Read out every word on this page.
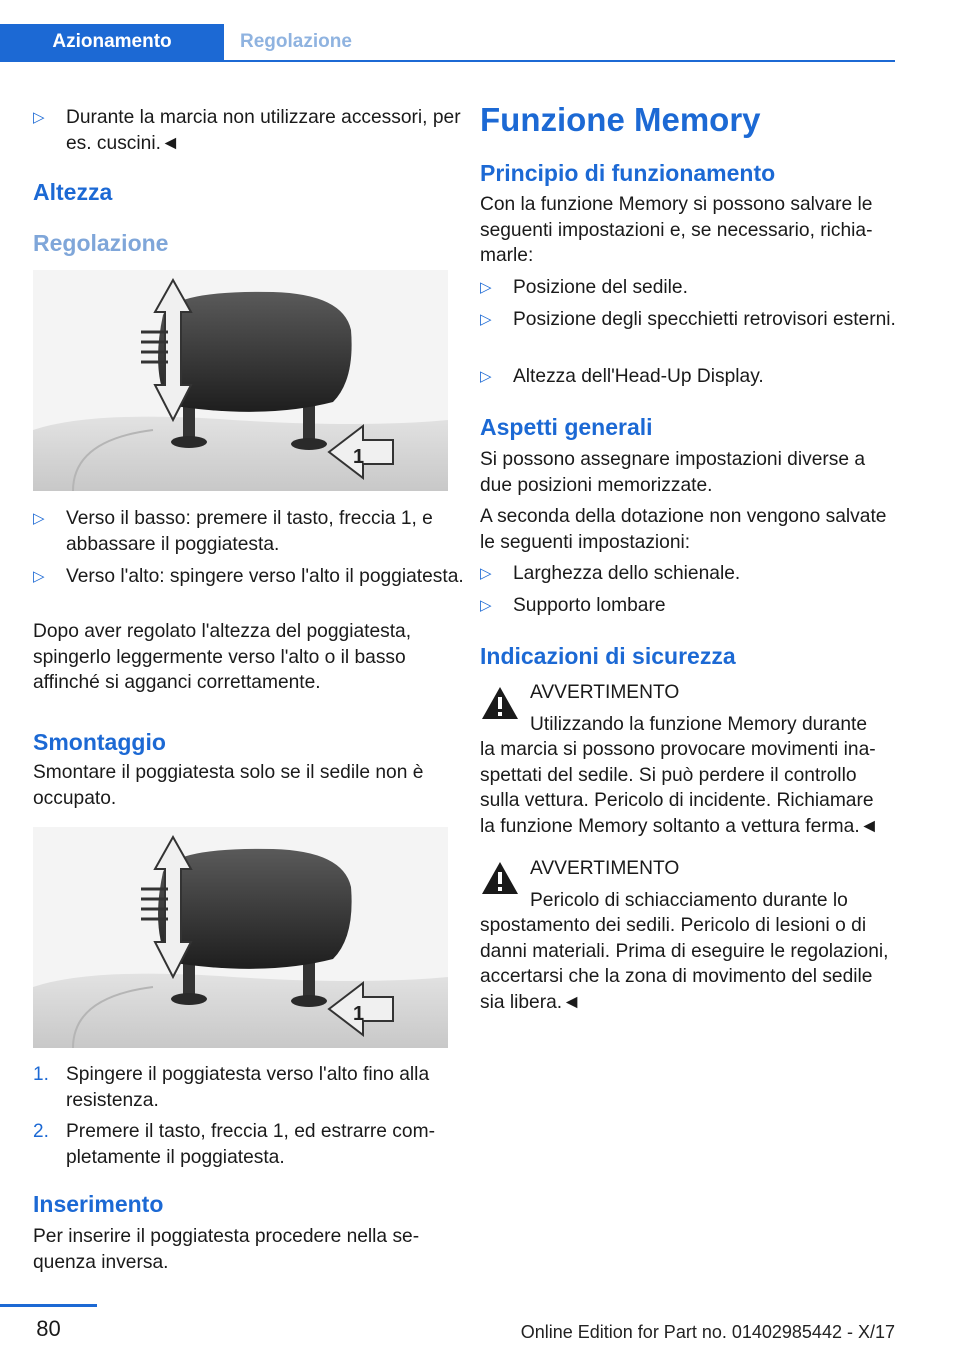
Azionamento	Regolazione
▷ Durante la marcia non utilizzare accessori, per es. cuscini.◄
Altezza
Regolazione
1
▷ Verso il basso: premere il tasto, freccia 1, e abbassare il poggiatesta.
▷ Verso l'alto: spingere verso l'alto il poggiatesta.

Dopo aver regolato l'altezza del poggiatesta, spingerlo leggermente verso l'alto o il basso affinché si agganci correttamente.

Smontaggio

Smontare il poggiatesta solo se il sedile non è occupato.

1
1. Spingere il poggiatesta verso l'alto fino alla resistenza.
2. Premere il tasto, freccia 1, ed estrarre completamente il poggiatesta.
Inserimento

Per inserire il poggiatesta procedere nella sequenza inversa.

Funzione Memory
Principio di funzionamento

Con la funzione Memory si possono salvare le seguenti impostazioni e, se necessario, richiamarle:

▷ Posizione del sedile.
▷ Posizione degli specchietti retrovisori esterni.
▷ Altezza dell'Head-Up Display.
Aspetti generali

Si possono assegnare impostazioni diverse a due posizioni memorizzate.

A seconda della dotazione non vengono salvate le seguenti impostazioni:

▷ Larghezza dello schienale.
▷ Supporto lombare
Indicazioni di sicurezza

AVVERTIMENTO

Utilizzando la funzione Memory durante

la marcia si possono provocare movimenti inaspettati del sedile. Si può perdere il controllo sulla vettura. Pericolo di incidente. Richiamare la funzione Memory soltanto a vettura ferma.◄

AVVERTIMENTO

Pericolo di schiacciamento durante lo

spostamento dei sedili. Pericolo di lesioni o di danni materiali. Prima di eseguire le regolazioni, accertarsi che la zona di movimento del sedile sia libera.◄

80	Online Edition for Part no. 01402985442 - X/17
